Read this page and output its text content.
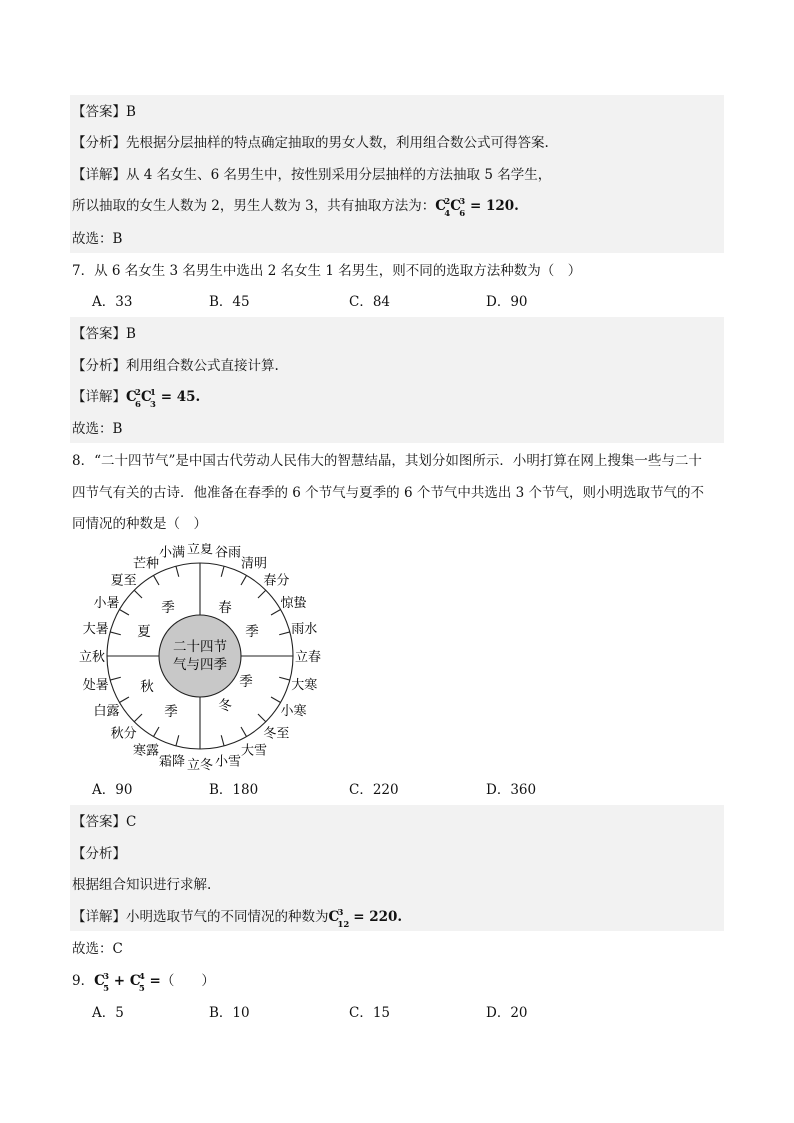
【答案】B
【分析】先根据分层抽样的特点确定抽取的男女人数，利用组合数公式可得答案.
【详解】从 4 名女生、6 名男生中，按性别采用分层抽样的方法抽取 5 名学生，
所以抽取的女生人数为 2，男生人数为 3，共有抽取方法为： C
2
4 C
3
6 = 120.
故选：B
7．从 6 名女生 3 名男生中选出 2 名女生 1 名男生，则不同的选取方法种数为（　）
A．33	B．45	C．84	D．90
【答案】B
【分析】利用组合数公式直接计算.
【详解】 C
2
6 C
1
3 = 45.
故选：B
8．“二十四节气”是中国古代劳动人民伟大的智慧结晶，其划分如图所示．小明打算在网上搜集一些与二十
四节气有关的古诗．他准备在春季的 6 个节气与夏季的 6 个节气中共选出 3 个节气，则小明选取节气的不
同情况的种数是（　）
二十四节
气与四季
春
季
季
冬
季
秋
夏
季
立春
雨水
惊蛰
春分
清明
谷雨
立夏
小满
芒种
夏至
小暑
大暑
立秋
处暑
白露
秋分
寒露
霜降 立冬 小雪
大雪
冬至
小寒
大寒
A．90	B．180	C．220	D．360
【答案】C
【分析】
根据组合知识进行求解.
【详解】小明选取节气的不同情况的种数为 C
3
12 = 220.
故选：C
9． C
3
5 + C
4
5 =（　　）
A．5	B．10	C．15	D．20
